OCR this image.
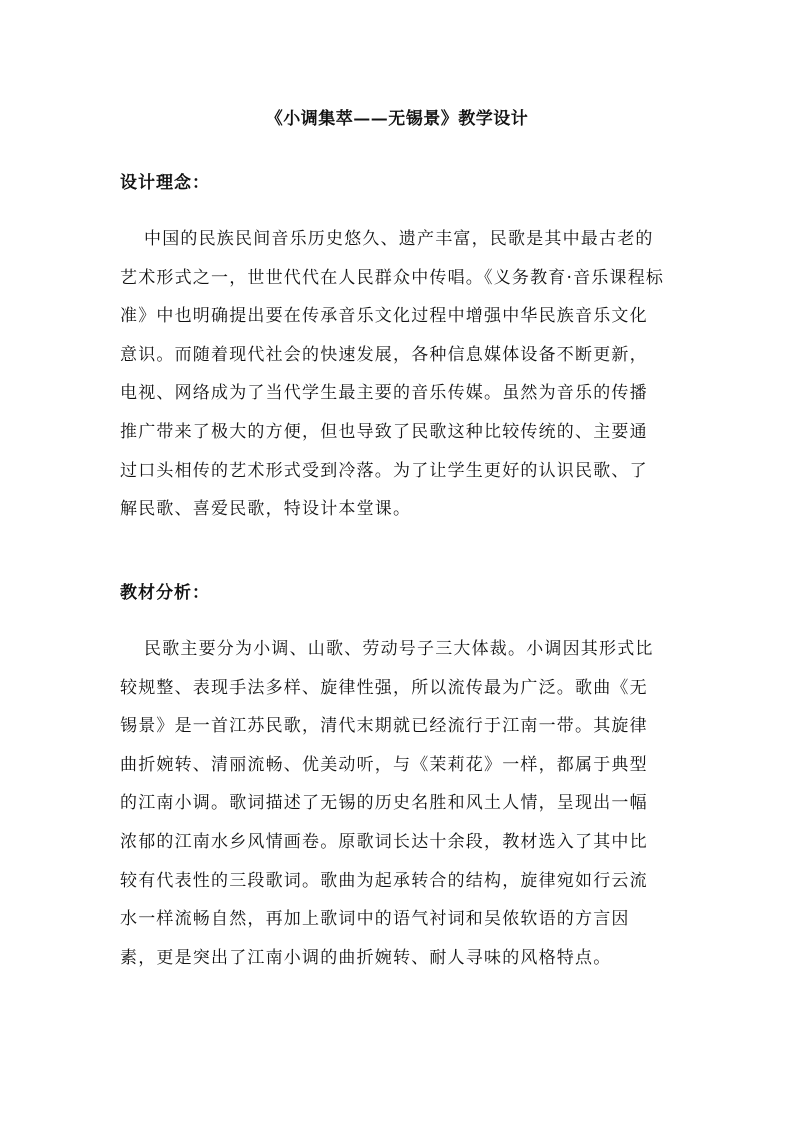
《小调集萃——无锡景》教学设计
设计理念：

中国的民族民间音乐历史悠久、遗产丰富，民歌是其中最古老的艺术形式之一，世世代代在人民群众中传唱。《义务教育·音乐课程标准》中也明确提出要在传承音乐文化过程中增强中华民族音乐文化意识。而随着现代社会的快速发展，各种信息媒体设备不断更新，电视、网络成为了当代学生最主要的音乐传媒。虽然为音乐的传播推广带来了极大的方便，但也导致了民歌这种比较传统的、主要通过口头相传的艺术形式受到冷落。为了让学生更好的认识民歌、了解民歌、喜爱民歌，特设计本堂课。

教材分析：

民歌主要分为小调、山歌、劳动号子三大体裁。小调因其形式比较规整、表现手法多样、旋律性强，所以流传最为广泛。歌曲《无锡景》是一首江苏民歌，清代末期就已经流行于江南一带。其旋律曲折婉转、清丽流畅、优美动听，与《茉莉花》一样，都属于典型的江南小调。歌词描述了无锡的历史名胜和风土人情，呈现出一幅浓郁的江南水乡风情画卷。原歌词长达十余段，教材选入了其中比较有代表性的三段歌词。歌曲为起承转合的结构，旋律宛如行云流水一样流畅自然，再加上歌词中的语气衬词和吴侬软语的方言因素，更是突出了江南小调的曲折婉转、耐人寻味的风格特点。
